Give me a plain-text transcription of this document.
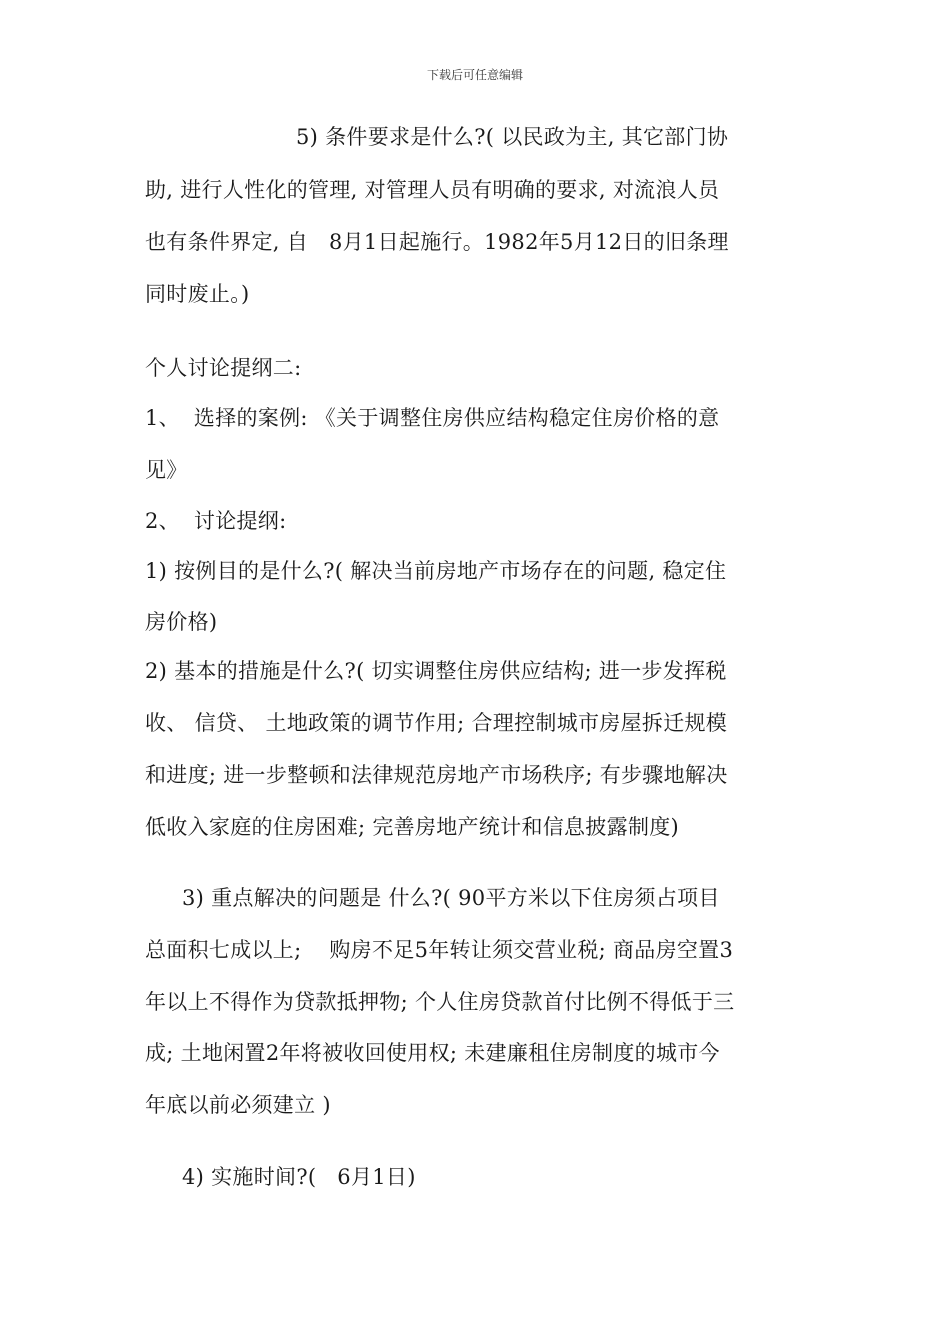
下载后可任意编辑
5) 条件要求是什么?( 以民政为主, 其它部门协
助, 进行人性化的管理, 对管理人员有明确的要求, 对流浪人员
也有条件界定, 自   8月1日起施行。1982年5月12日的旧条理
同时废止。)
个人讨论提纲二:
1、  选择的案例: 《关于调整住房供应结构稳定住房价格的意
见》
2、  讨论提纲:
1) 按例目的是什么?( 解决当前房地产市场存在的问题, 稳定住
房价格)
2) 基本的措施是什么?( 切实调整住房供应结构; 进一步发挥税
收、 信贷、 土地政策的调节作用; 合理控制城市房屋拆迁规模
和进度; 进一步整顿和法律规范房地产市场秩序; 有步骤地解决
低收入家庭的住房困难; 完善房地产统计和信息披露制度)
3) 重点解决的问题是 什么?( 90平方米以下住房须占项目
总面积七成以上;    购房不足5年转让须交营业税; 商品房空置3
年以上不得作为贷款抵押物; 个人住房贷款首付比例不得低于三
成; 土地闲置2年将被收回使用权; 未建廉租住房制度的城市今
年底以前必须建立 )
4) 实施时间?(   6月1日)
